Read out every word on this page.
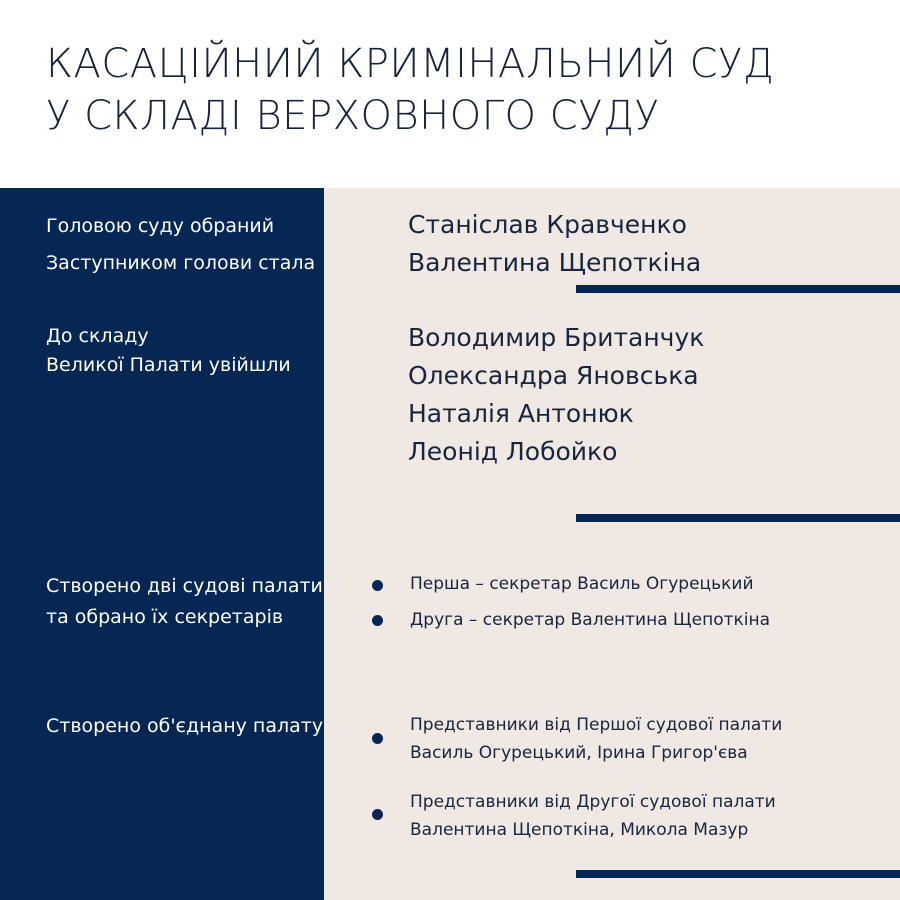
КАСАЦІЙНИЙ КРИМІНАЛЬНИЙ СУД
У СКЛАДІ ВЕРХОВНОГО СУДУ
Головою суду обраний
Заступником голови стала
Станіслав Кравченко
Валентина Щепоткіна
До складу
Великої Палати увійшли
Володимир Британчук
Олександра Яновська
Наталія Антонюк
Леонід Лобойко
Створено дві судові палати
та обрано їх секретарів
Перша – секретар Василь Огурецький
Друга – секретар Валентина Щепоткіна
Створено об'єднану палату	Представники від Першої судової палати
Василь Огурецький, Ірина Григор'єва
Представники від Другої судової палати
Валентина Щепоткіна, Микола Мазур
